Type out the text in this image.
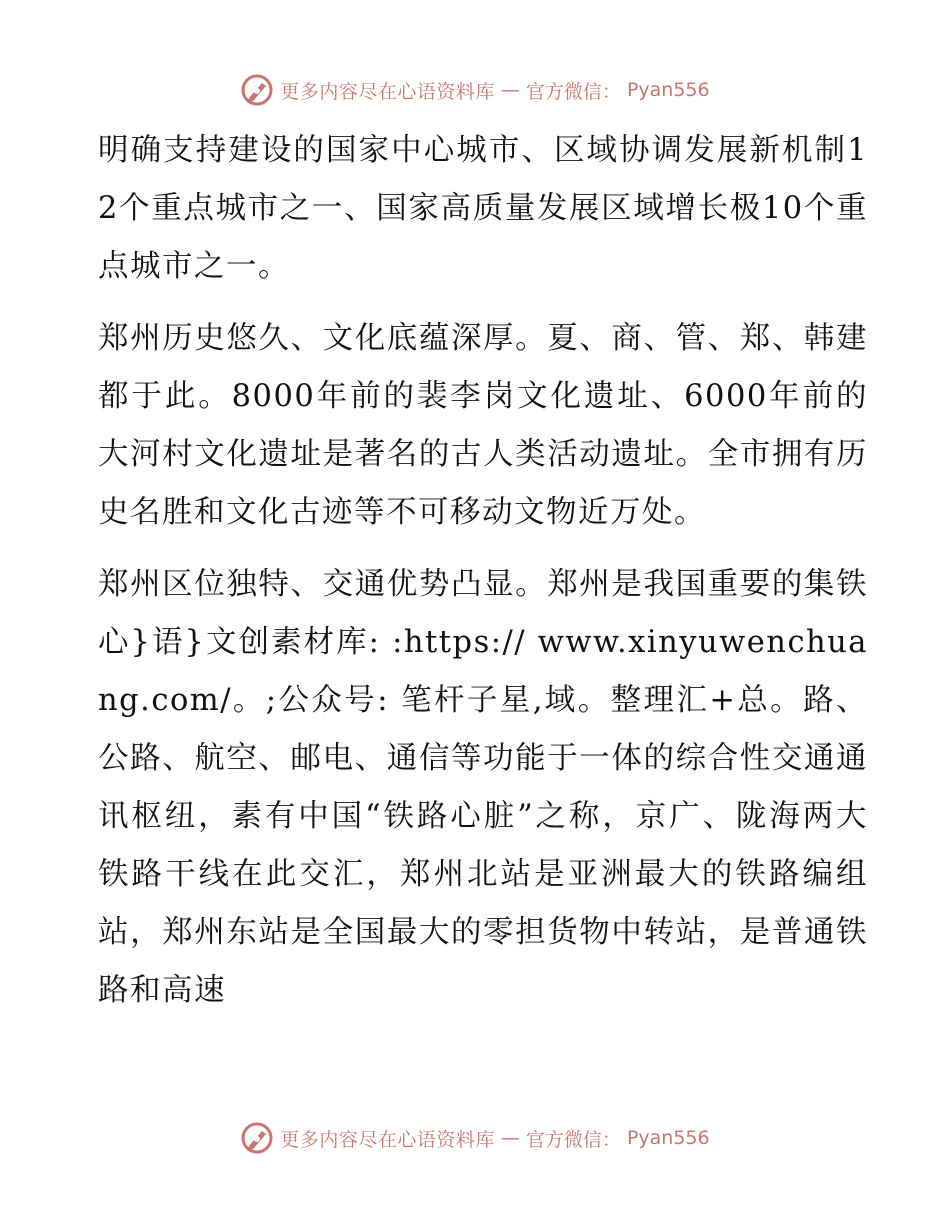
更多内容尽在心语资料库 — 官方微信： Pyan556

明确支持建设的国家中心城市、区域协调发展新机制12个重点城市之一、国家高质量发展区域增长极10个重点城市之一。

郑州历史悠久、文化底蕴深厚。夏、商、管、郑、韩建都于此。8000年前的裴李岗文化遗址、6000年前的大河村文化遗址是著名的古人类活动遗址。全市拥有历史名胜和文化古迹等不可移动文物近万处。

郑州区位独特、交通优势凸显。郑州是我国重要的集铁心}语}文创素材库: :https:// www.xinyuwenchuang.com/。;公众号: 笔杆子星,域。整理汇+总。路、公路、航空、邮电、通信等功能于一体的综合性交通通讯枢纽，素有中国“铁路心脏”之称，京广、陇海两大铁路干线在此交汇，郑州北站是亚洲最大的铁路编组站，郑州东站是全国最大的零担货物中转站，是普通铁路和高速

更多内容尽在心语资料库 — 官方微信： Pyan556
